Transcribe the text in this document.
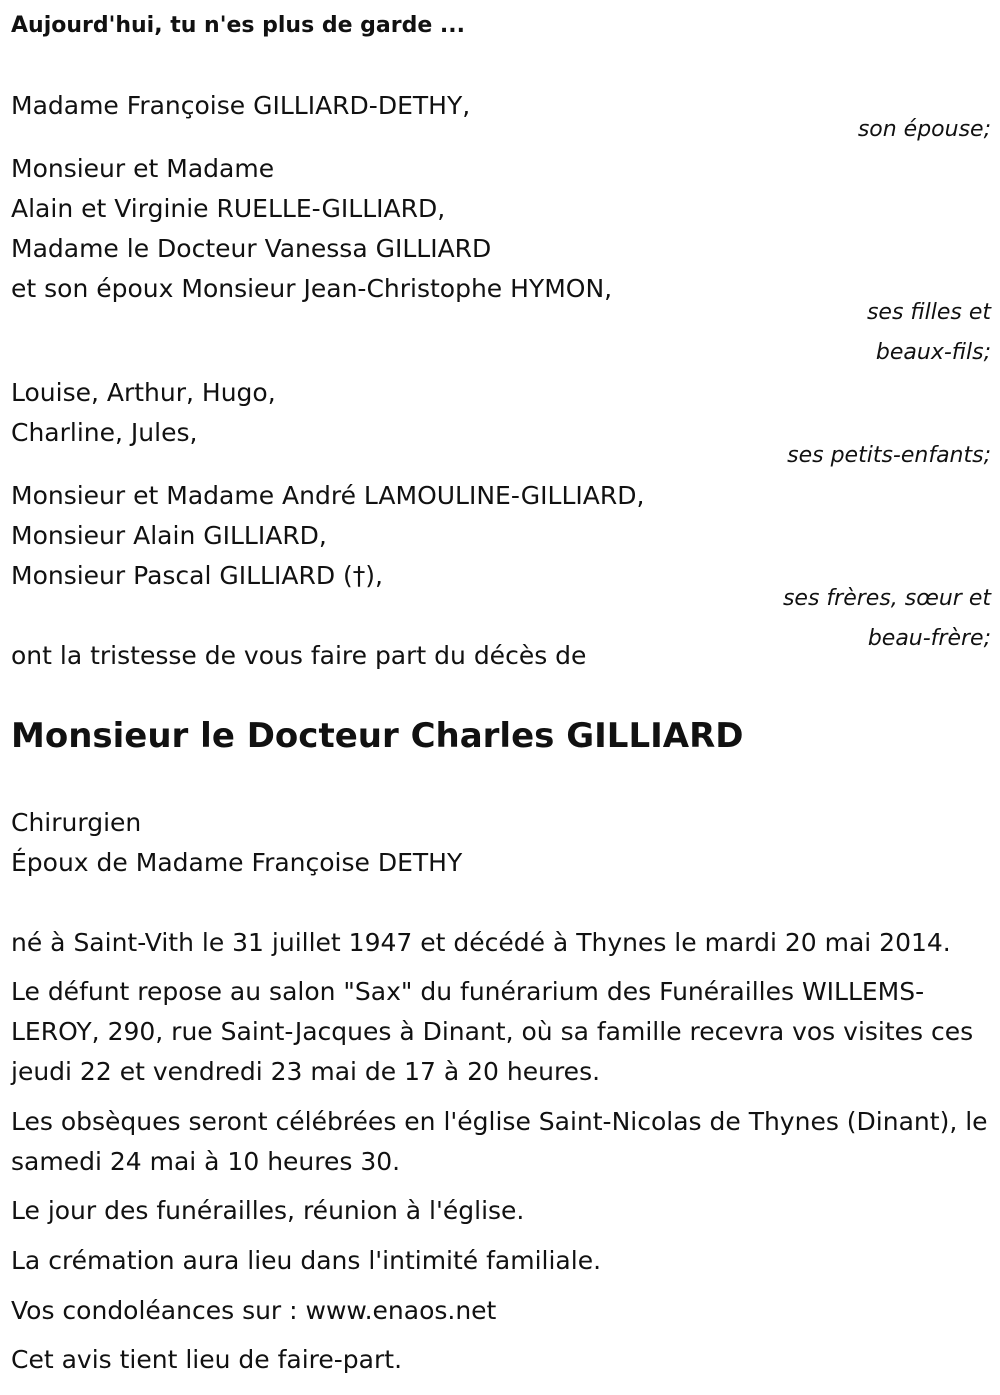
Aujourd'hui, tu n'es plus de garde ...
Madame Françoise GILLIARD-DETHY,
son épouse;
Monsieur et Madame
Alain et Virginie RUELLE-GILLIARD,
Madame le Docteur Vanessa GILLIARD
et son époux Monsieur Jean-Christophe HYMON,
ses filles et
beaux-fils;
Louise, Arthur, Hugo,
Charline, Jules,
ses petits-enfants;
Monsieur et Madame André LAMOULINE-GILLIARD,
Monsieur Alain GILLIARD,
Monsieur Pascal GILLIARD (†),
ses frères, sœur et
beau-frère;
ont la tristesse de vous faire part du décès de
Monsieur le Docteur Charles GILLIARD
Chirurgien
Époux de Madame Françoise DETHY
né à Saint-Vith le 31 juillet 1947 et décédé à Thynes le mardi 20 mai 2014.
Le défunt repose au salon "Sax" du funérarium des Funérailles WILLEMS-LEROY, 290, rue Saint-Jacques à Dinant, où sa famille recevra vos visites ces jeudi 22 et vendredi 23 mai de 17 à 20 heures.
Les obsèques seront célébrées en l'église Saint-Nicolas de Thynes (Dinant), le samedi 24 mai à 10 heures 30.
Le jour des funérailles, réunion à l'église.
La crémation aura lieu dans l'intimité familiale.
Vos condoléances sur : www.enaos.net
Cet avis tient lieu de faire-part.
